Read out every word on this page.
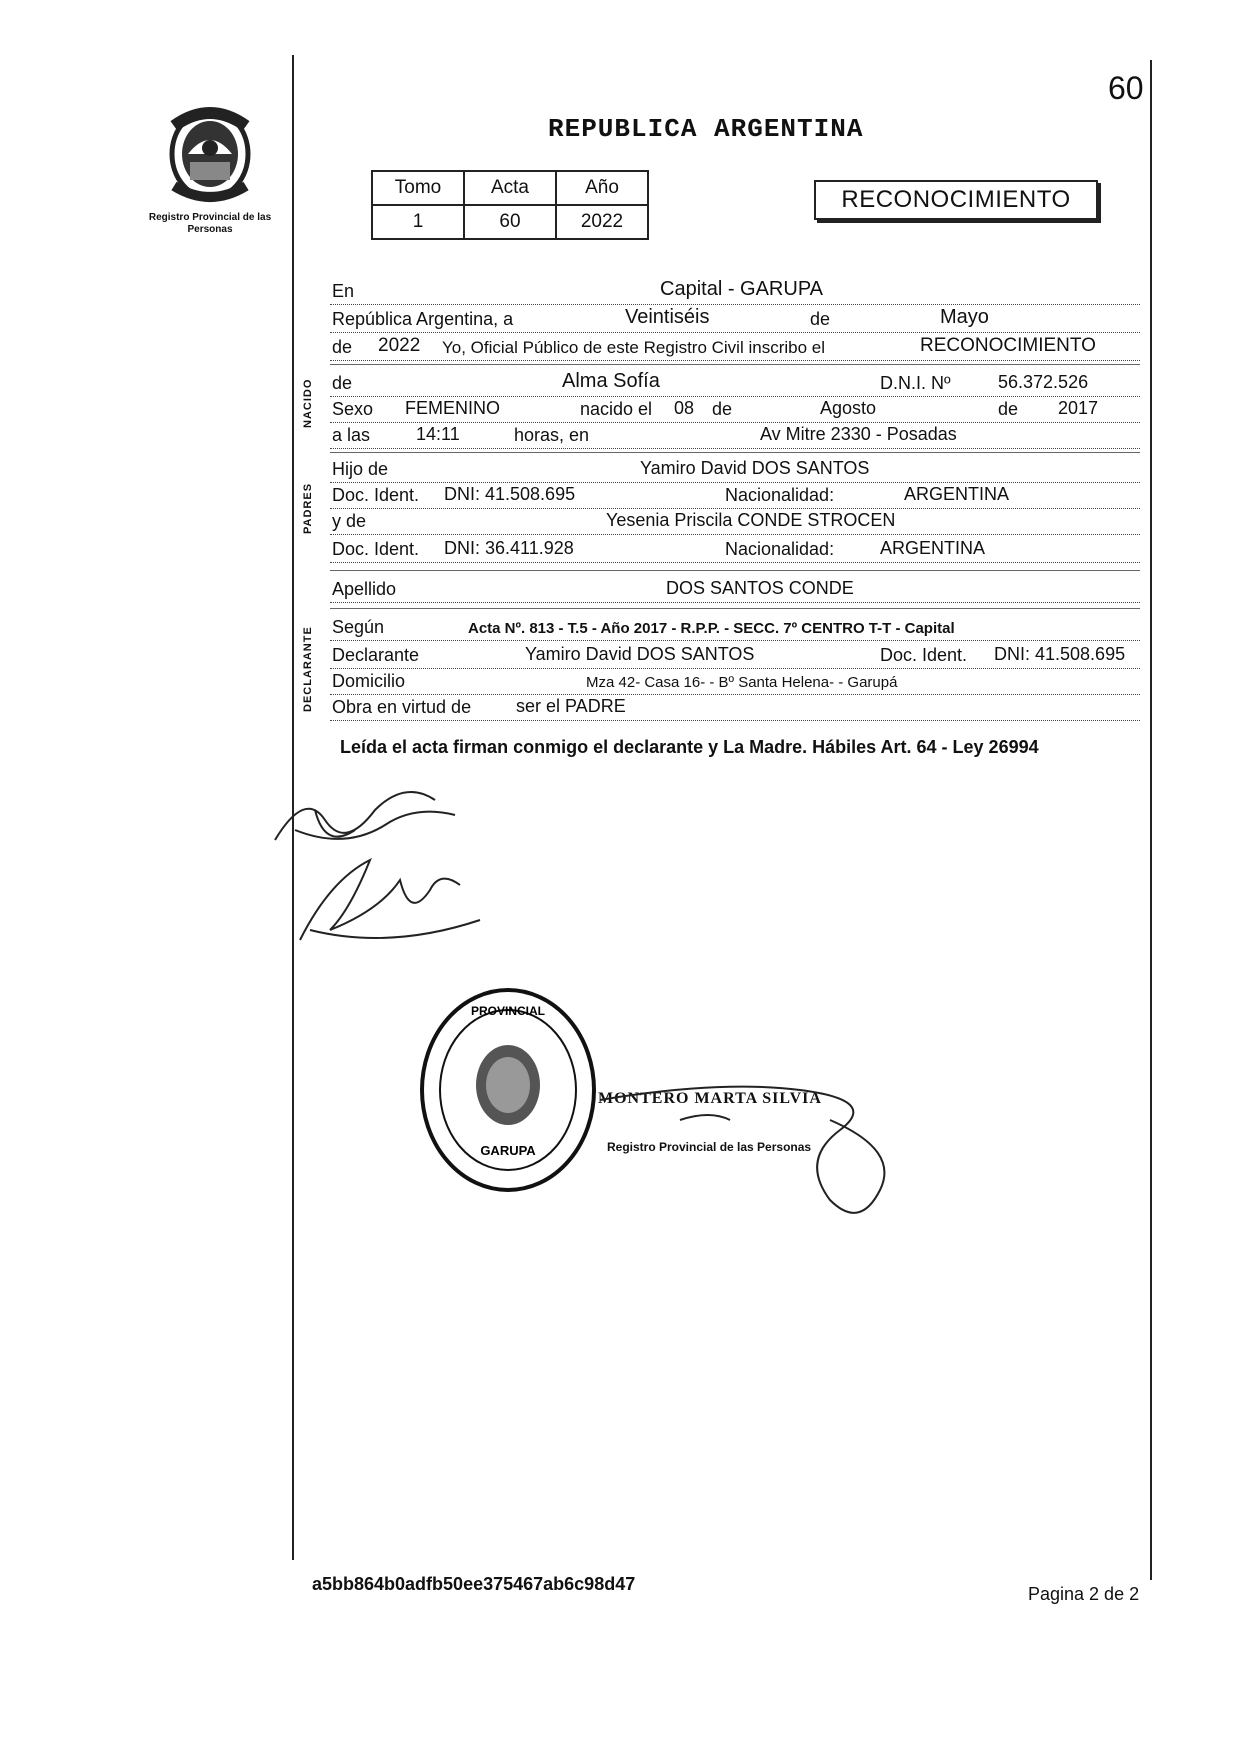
60
Registro Provincial de las Personas
REPUBLICA ARGENTINA
Tomo	Acta	Año
1	60	2022
RECONOCIMIENTO
NACIDO
PADRES
DECLARANTE
En	Capital - GARUPA
República Argentina, a	Veintiséis	de	Mayo
de 2022 Yo, Oficial Público de este Registro Civil inscribo el	RECONOCIMIENTO
de	Alma Sofía	D.N.I. Nº	56.372.526
Sexo FEMENINO	nacido el 08 de	Agosto	de 2017
a las	14:11	horas, en	Av Mitre 2330 - Posadas
Hijo de	Yamiro David DOS SANTOS
Doc. Ident. DNI: 41.508.695	Nacionalidad:	ARGENTINA
y de	Yesenia Priscila CONDE STROCEN
Doc. Ident. DNI: 36.411.928	Nacionalidad:	ARGENTINA
Apellido	DOS SANTOS CONDE
Según	Acta Nº. 813 - T.5 - Año 2017 - R.P.P. - SECC. 7º CENTRO T-T - Capital
Declarante	Yamiro David DOS SANTOS	Doc. Ident. DNI: 41.508.695
Domicilio	Mza 42- Casa 16- - Bº Santa Helena- - Garupá
Obra en virtud de ser el PADRE
Leída el acta firman conmigo el declarante y La Madre. Hábiles Art. 64 - Ley 26994
PROVINCIAL
GARUPA
MONTERO MARTA SILVIA
Registro Provincial de las Personas
a5bb864b0adfb50ee375467ab6c98d47	Pagina 2 de 2
